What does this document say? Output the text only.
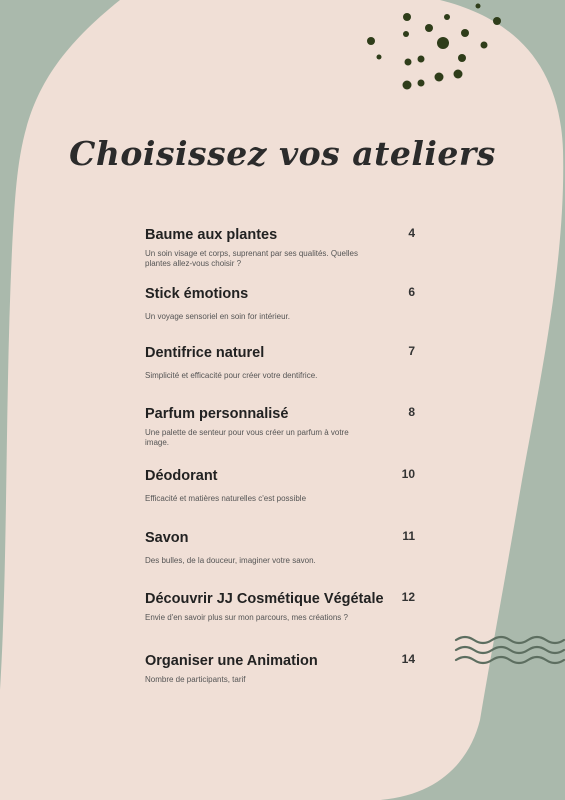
Choisissez vos ateliers
Baume aux plantes
Un soin visage et corps, suprenant par ses qualités. Quelles plantes allez-vous choisir ?
4
Stick émotions
Un voyage sensoriel en soin for intérieur.
6
Dentifrice naturel
Simplicité et efficacité pour créer votre dentifrice.
7
Parfum personnalisé
Une palette de senteur pour vous créer un parfum à votre image.
8
Déodorant
Efficacité et matières naturelles c'est possible
10
Savon
Des bulles, de la douceur, imaginer votre savon.
11
Découvrir JJ Cosmétique Végétale
Envie d'en savoir plus sur mon parcours, mes créations ?
12
Organiser une Animation
Nombre de participants, tarif
14
